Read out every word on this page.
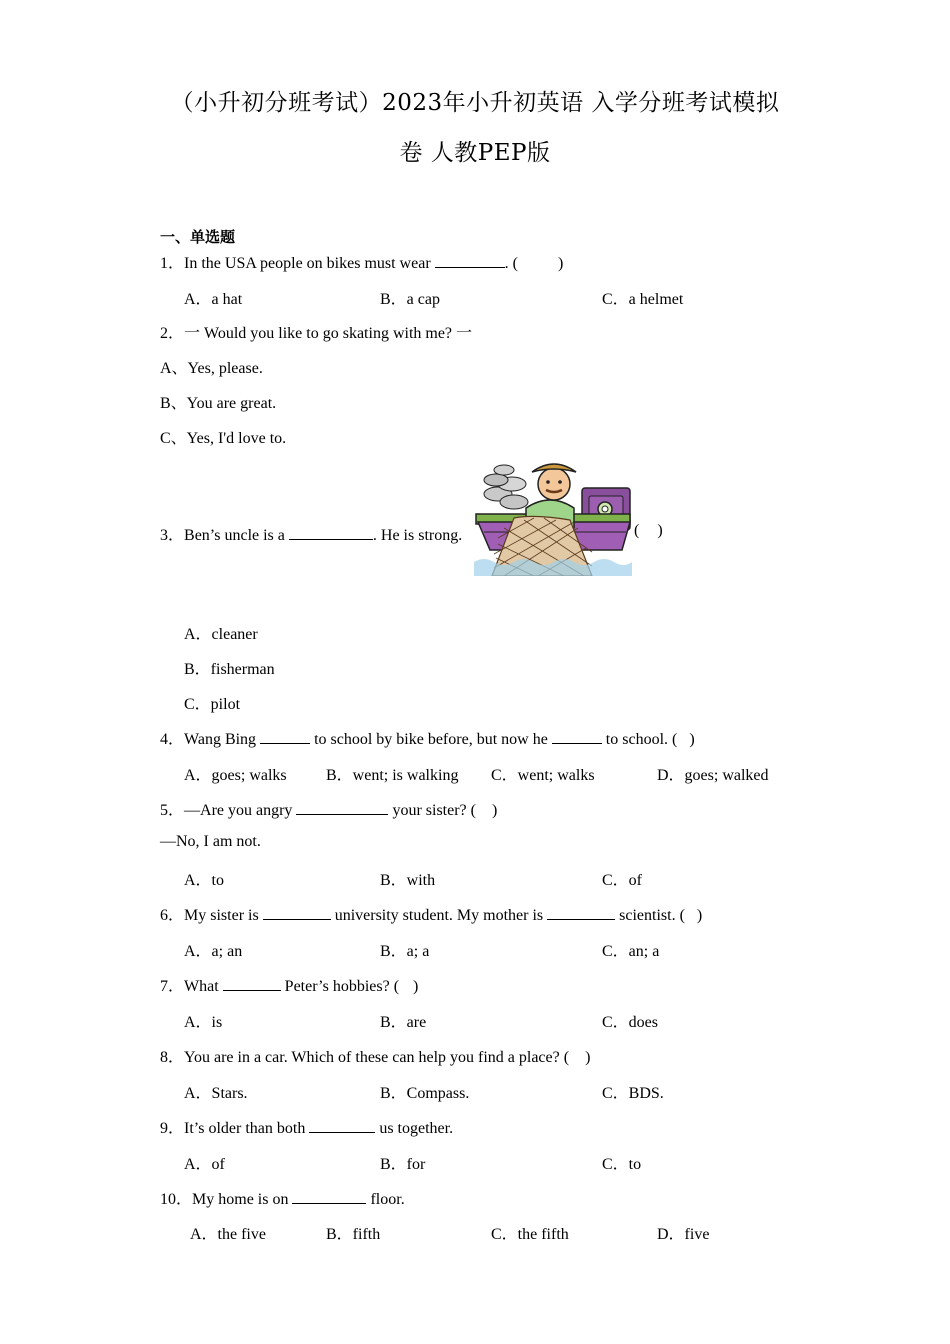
（小升初分班考试）2023年小升初英语 入学分班考试模拟
卷 人教PEP版
一、单选题
1．In the USA people on bikes must wear	. (	)
A．a hat	B．a cap	C．a helmet
2．一 Would you like to go skating with me? 一
A、Yes, please.
B、You are great.
C、Yes, I'd love to.
3．Ben’s uncle is a	. He is strong.	( )
A．cleaner
B．fisherman
C．pilot
4．Wang Bing	to school by bike before, but now he	to school. ( )
A．goes; walks B．went; is walking C．went; walks	D．goes; walked
5．—Are you angry	your sister? ( )
—No, I am not.
A．to	B．with	C．of
6．My sister is	university student. My mother is	scientist. ( )
A．a; an	B．a; a	C．an; a
7．What	Peter’s hobbies? ( )
A．is	B．are	C．does
8．You are in a car. Which of these can help you find a place? ( )
A．Stars.	B．Compass.	C．BDS.
9．It’s older than both	us together.
A．of	B．for	C．to
10．My home is on	floor.
A．the five	B．fifth	C．the fifth	D．five
